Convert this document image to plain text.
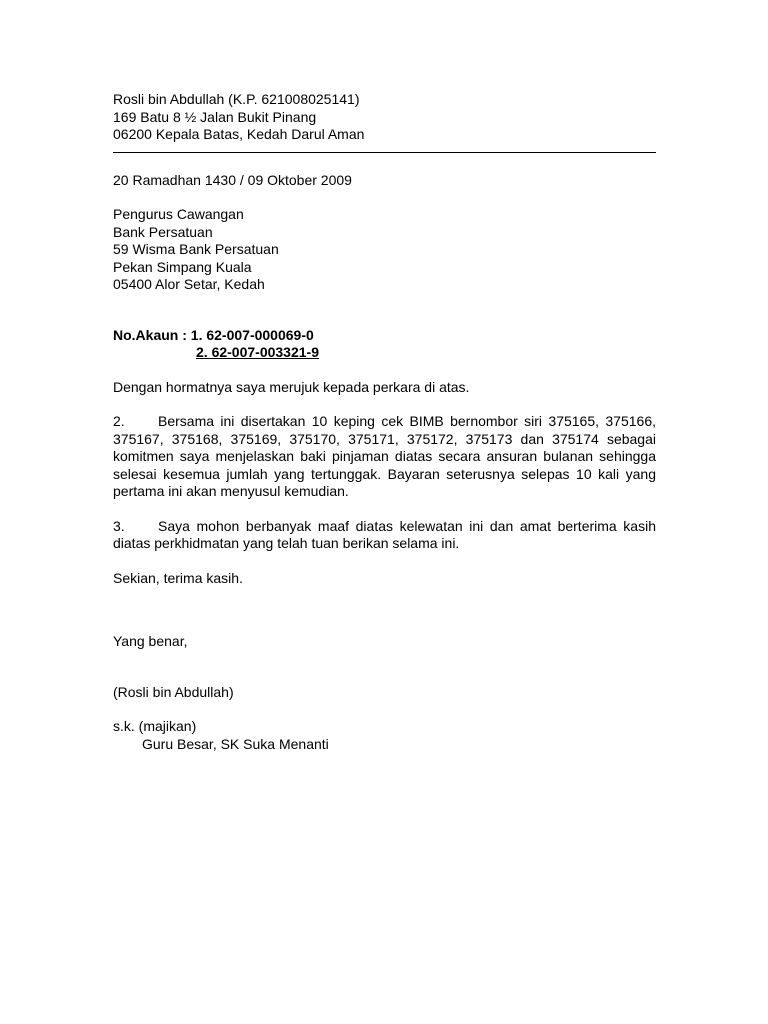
Rosli bin Abdullah (K.P. 621008025141)
169 Batu 8 ½ Jalan Bukit Pinang
06200 Kepala Batas, Kedah Darul Aman
20 Ramadhan 1430 / 09 Oktober 2009
Pengurus Cawangan
Bank Persatuan
59 Wisma Bank Persatuan
Pekan Simpang Kuala
05400 Alor Setar, Kedah
No.Akaun : 1. 62-007-000069-0
2. 62-007-003321-9
Dengan hormatnya saya merujuk kepada perkara di atas.
2. Bersama ini disertakan 10 keping cek BIMB bernombor siri 375165, 375166, 375167, 375168, 375169, 375170, 375171, 375172, 375173 dan 375174 sebagai komitmen saya menjelaskan baki pinjaman diatas secara ansuran bulanan sehingga selesai kesemua jumlah yang tertunggak. Bayaran seterusnya selepas 10 kali yang pertama ini akan menyusul kemudian.
3. Saya mohon berbanyak maaf diatas kelewatan ini dan amat berterima kasih diatas perkhidmatan yang telah tuan berikan selama ini.
Sekian, terima kasih.
Yang benar,
(Rosli bin Abdullah)
s.k. (majikan)
Guru Besar, SK Suka Menanti
